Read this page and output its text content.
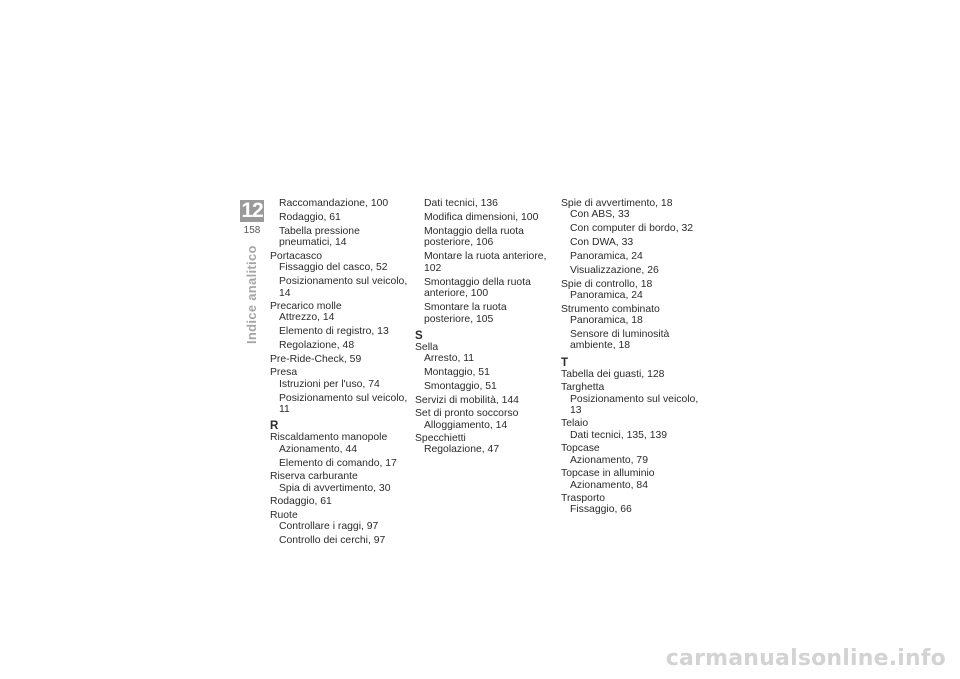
12
158
Indice analitico
Raccomandazione, 100
Rodaggio, 61
Tabella pressione pneumatici, 14
Portacasco
Fissaggio del casco, 52
Posizionamento sul veicolo, 14
Precarico molle
Attrezzo, 14
Elemento di registro, 13
Regolazione, 48
Pre-Ride-Check, 59
Presa
Istruzioni per l'uso, 74
Posizionamento sul veicolo, 11
R
Riscaldamento manopole
Azionamento, 44
Elemento di comando, 17
Riserva carburante
Spia di avvertimento, 30
Rodaggio, 61
Ruote
Controllare i raggi, 97
Controllo dei cerchi, 97
Dati tecnici, 136
Modifica dimensioni, 100
Montaggio della ruota posteriore, 106
Montare la ruota anteriore, 102
Smontaggio della ruota anteriore, 100
Smontare la ruota posteriore, 105
S
Sella
Arresto, 11
Montaggio, 51
Smontaggio, 51
Servizi di mobilità, 144
Set di pronto soccorso
Alloggiamento, 14
Specchietti
Regolazione, 47
Spie di avvertimento, 18
Con ABS, 33
Con computer di bordo, 32
Con DWA, 33
Panoramica, 24
Visualizzazione, 26
Spie di controllo, 18
Panoramica, 24
Strumento combinato
Panoramica, 18
Sensore di luminosità ambiente, 18
T
Tabella dei guasti, 128
Targhetta
Posizionamento sul veicolo, 13
Telaio
Dati tecnici, 135, 139
Topcase
Azionamento, 79
Topcase in alluminio
Azionamento, 84
Trasporto
Fissaggio, 66
carmanualsonline.info
